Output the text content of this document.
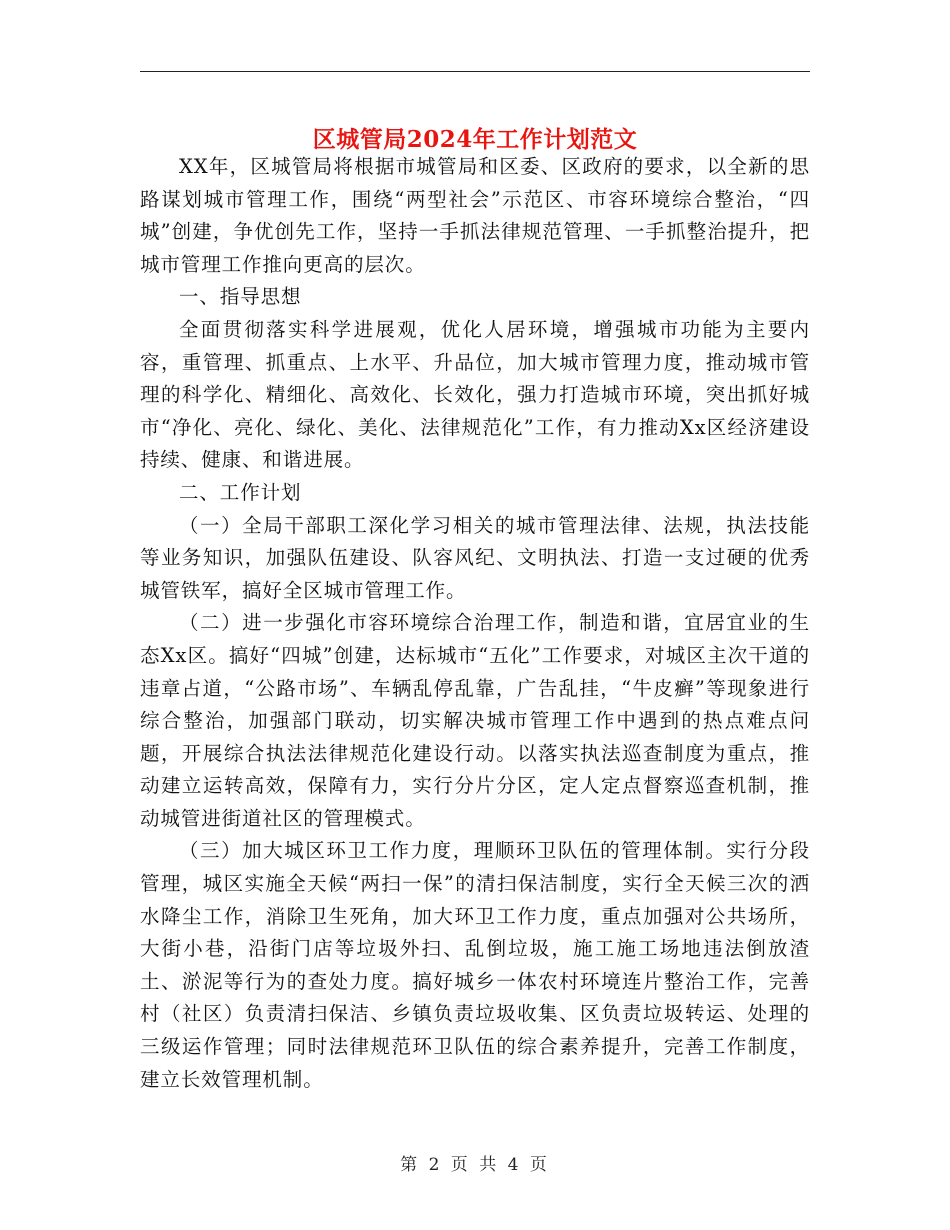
区城管局2024年工作计划范文

XX年，区城管局将根据市城管局和区委、区政府的要求，以全新的思路谋划城市管理工作，围绕“两型社会”示范区、市容环境综合整治，“四城”创建，争优创先工作，坚持一手抓法律规范管理、一手抓整治提升，把城市管理工作推向更高的层次。

一、指导思想

全面贯彻落实科学进展观，优化人居环境，增强城市功能为主要内容，重管理、抓重点、上水平、升品位，加大城市管理力度，推动城市管理的科学化、精细化、高效化、长效化，强力打造城市环境，突出抓好城市“净化、亮化、绿化、美化、法律规范化”工作，有力推动Xx区经济建设持续、健康、和谐进展。

二、工作计划

（一）全局干部职工深化学习相关的城市管理法律、法规，执法技能等业务知识，加强队伍建设、队容风纪、文明执法、打造一支过硬的优秀城管铁军，搞好全区城市管理工作。

（二）进一步强化市容环境综合治理工作，制造和谐，宜居宜业的生态Xx区。搞好“四城”创建，达标城市“五化”工作要求，对城区主次干道的违章占道，“公路市场”、车辆乱停乱靠，广告乱挂，“牛皮癣”等现象进行综合整治，加强部门联动，切实解决城市管理工作中遇到的热点难点问题，开展综合执法法律规范化建设行动。以落实执法巡查制度为重点，推动建立运转高效，保障有力，实行分片分区，定人定点督察巡查机制，推动城管进街道社区的管理模式。

（三）加大城区环卫工作力度，理顺环卫队伍的管理体制。实行分段管理，城区实施全天候“两扫一保”的清扫保洁制度，实行全天候三次的洒水降尘工作，消除卫生死角，加大环卫工作力度，重点加强对公共场所，大街小巷，沿街门店等垃圾外扫、乱倒垃圾，施工施工场地违法倒放渣土、淤泥等行为的查处力度。搞好城乡一体农村环境连片整治工作，完善村（社区）负责清扫保洁、乡镇负责垃圾收集、区负责垃圾转运、处理的三级运作管理；同时法律规范环卫队伍的综合素养提升，完善工作制度，建立长效管理机制。

第 2 页 共 4 页
